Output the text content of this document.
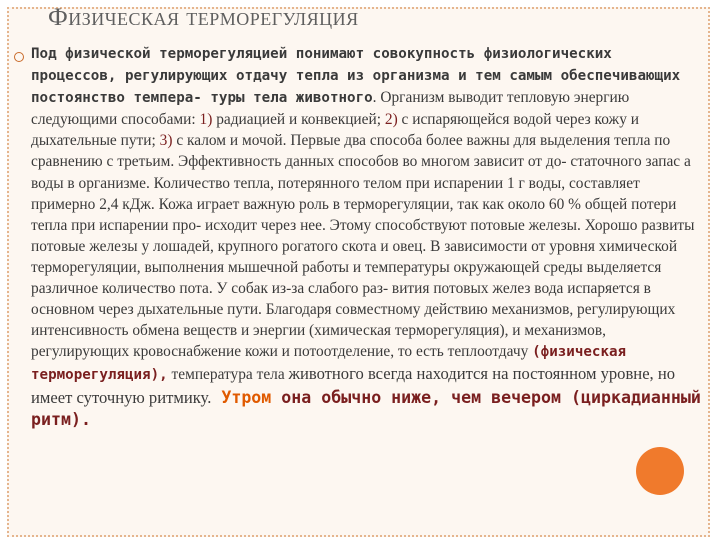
Физическая терморегуляция
Под физической терморегуляцией понимают совокупность физиологических процессов, регулирующих отдачу тепла из организма и тем самым обеспечивающих постоянство темпера- туры тела животного. Организм выводит тепловую энергию следующими способами: 1) радиацией и конвекцией; 2) с испаряющейся водой через кожу и дыхательные пути; 3) с калом и мочой. Первые два способа более важны для выделения тепла по сравнению с третьим. Эффективность данных способов во многом зависит от до- статочного запас а воды в организме. Количество тепла, потерянного телом при испарении 1 г воды, составляет примерно 2,4 кДж. Кожа играет важную роль в терморегуляции, так как около 60 % общей потери тепла при испарении про- исходит через нее. Этому способствуют потовые железы. Хорошо развиты потовые железы у лошадей, крупного рогатого скота и овец. В зависимости от уровня химической терморегуляции, выполнения мышечной работы и температуры окружающей среды выделяется различное количество пота. У собак из-за слабого раз- вития потовых желез вода испаряется в основном через дыхательные пути. Благодаря совместному действию механизмов, регулирующих интенсивность обмена веществ и энергии (химическая терморегуляция), и механизмов, регулирующих кровоснабжение кожи и потоотделение, то есть теплоотдачу (физическая терморегуляция), температура тела животного всегда находится на постоянном уровне, но имеет суточную ритмику. Утром она обычно ниже, чем вечером (циркадианный ритм).
